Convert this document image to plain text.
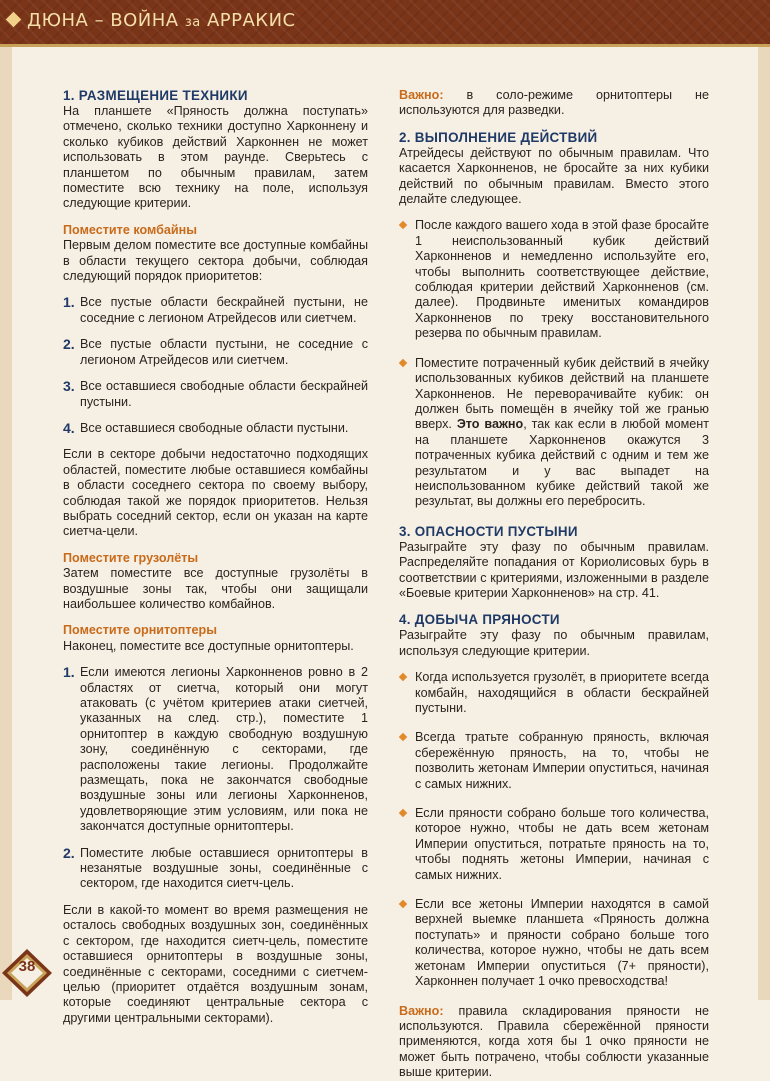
ДЮНА – ВОЙНА за АРРАКИС
1. РАЗМЕЩЕНИЕ ТЕХНИКИ

На планшете «Пряность должна поступать» отмечено, сколько техники доступно Харконнену и сколько кубиков действий Харконнен не может использовать в этом раунде. Сверьтесь с планшетом по обычным правилам, затем поместите всю технику на поле, используя следующие критерии.

Поместите комбайны

Первым делом поместите все доступные комбайны в области текущего сектора добычи, соблюдая следующий порядок приоритетов:

1. Все пустые области бескрайней пустыни, не соседние с легионом Атрейдесов или сиетчем.
2. Все пустые области пустыни, не соседние с легионом Атрейдесов или сиетчем.
3. Все оставшиеся свободные области бескрайней пустыни.
4. Все оставшиеся свободные области пустыни.

Если в секторе добычи недостаточно подходящих областей, поместите любые оставшиеся комбайны в области соседнего сектора по своему выбору, соблюдая такой же порядок приоритетов. Нельзя выбрать соседний сектор, если он указан на карте сиетча-цели.

Поместите грузолёты

Затем поместите все доступные грузолёты в воздушные зоны так, чтобы они защищали наибольшее количество комбайнов.

Поместите орнитоптеры

Наконец, поместите все доступные орнитоптеры.

1. Если имеются легионы Харконненов ровно в 2 областях от сиетча, который они могут атаковать (с учётом критериев атаки сиетчей, указанных на след. стр.), поместите 1 орнитоптер в каждую свободную воздушную зону, соединённую с секторами, где расположены такие легионы. Продолжайте размещать, пока не закончатся свободные воздушные зоны или легионы Харконненов, удовлетворяющие этим условиям, или пока не закончатся доступные орнитоптеры.
2. Поместите любые оставшиеся орнитоптеры в незанятые воздушные зоны, соединённые с сектором, где находится сиетч-цель.

Если в какой-то момент во время размещения не осталось свободных воздушных зон, соединённых с сектором, где находится сиетч-цель, поместите оставшиеся орнитоптеры в воздушные зоны, соединённые с секторами, соседними с сиетчем-целью (приоритет отдаётся воздушным зонам, которые соединяют центральные сектора с другими центральными секторами).

Важно: в соло-режиме орнитоптеры не используются для разведки.

2. ВЫПОЛНЕНИЕ ДЕЙСТВИЙ

Атрейдесы действуют по обычным правилам. Что касается Харконненов, не бросайте за них кубики действий по обычным правилам. Вместо этого делайте следующее.

После каждого вашего хода в этой фазе бросайте 1 неиспользованный кубик действий Харконненов и немедленно используйте его, чтобы выполнить соответствующее действие, соблюдая критерии действий Харконненов (см. далее). Продвиньте именитых командиров Харконненов по треку восстановительного резерва по обычным правилам.
Поместите потраченный кубик действий в ячейку использованных кубиков действий на планшете Харконненов. Не переворачивайте кубик: он должен быть помещён в ячейку той же гранью вверх. Это важно, так как если в любой момент на планшете Харконненов окажутся 3 потраченных кубика действий с одним и тем же результатом и у вас выпадет на неиспользованном кубике действий такой же результат, вы должны его перебросить.
3. ОПАСНОСТИ ПУСТЫНИ

Разыграйте эту фазу по обычным правилам. Распределяйте попадания от Кориолисовых бурь в соответствии с критериями, изложенными в разделе «Боевые критерии Харконненов» на стр. 41.

4. ДОБЫЧА ПРЯНОСТИ

Разыграйте эту фазу по обычным правилам, используя следующие критерии.

Когда используется грузолёт, в приоритете всегда комбайн, находящийся в области бескрайней пустыни.
Всегда тратьте собранную пряность, включая сбережённую пряность, на то, чтобы не позволить жетонам Империи опуститься, начиная с самых нижних.
Если пряности собрано больше того количества, которое нужно, чтобы не дать всем жетонам Империи опуститься, потратьте пряность на то, чтобы поднять жетоны Империи, начиная с самых нижних.
Если все жетоны Империи находятся в самой верхней выемке планшета «Пряность должна поступать» и пряности собрано больше того количества, которое нужно, чтобы не дать всем жетонам Империи опуститься (7+ пряности), Харконнен получает 1 очко превосходства!

Важно: правила складирования пряности не используются. Правила сбережённой пряности применяются, когда хотя бы 1 очко пряности не может быть потрачено, чтобы соблюсти указанные выше критерии.

38
